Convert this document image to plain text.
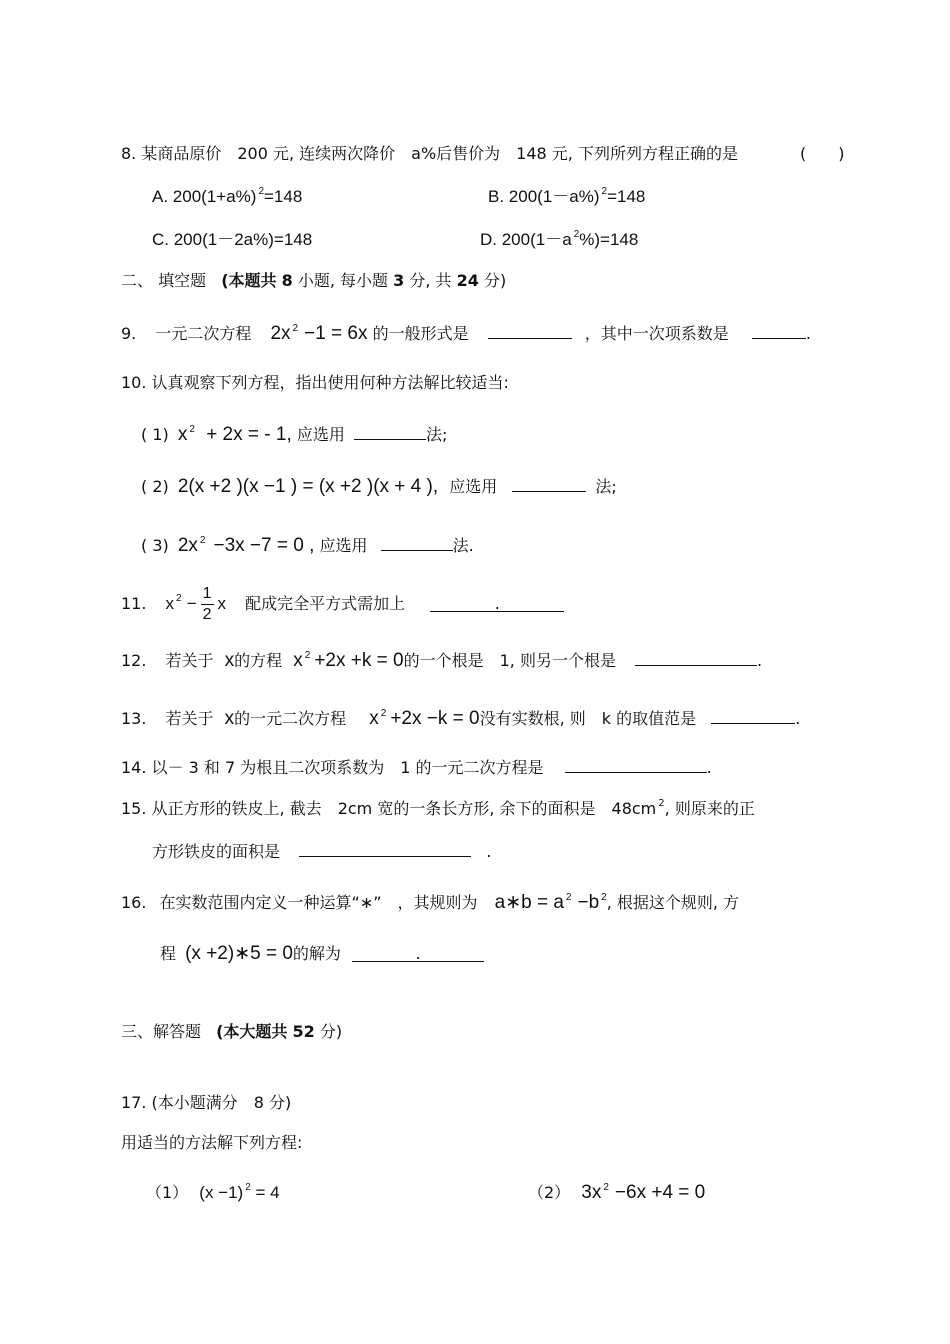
8. 某商品原价　200 元, 连续两次降价　a%后售价为　148 元, 下列所列方程正确的是	(　　)
A. 200(1+a%) $^2$=148	B. 200(1－a%) $^2$=148
C. 200(1－2a%)=148	D. 200(1－a $^2$%)=148
二、 填空题 (本题共 8 小题, 每小题 3 分, 共 24 分)
9. 一元二次方程 2x $^2$ −1 = 6x 的一般形式是	，其中一次项系数是	.
10. 认真观察下列方程，指出使用何种方法解比较适当:
( 1) x $^2$ + 2x = - 1, 应选用	法;
( 2) 2(x +2 )(x −1 ) = (x +2 )(x + 4 ), 应选用	法;
( 3) 2x $^2$ −3x −7 = 0 , 应选用	法.
11. x $^2 - \frac{1}{2}$ x 配成完全平方式需加上	.
12. 若关于 x的方程 x $^2$ +2x +k = 0的一个根是　1, 则另一个根是	.
13. 若关于 x的一元二次方程 x $^2$ +2x −k = 0没有实数根, 则　k 的取值范是	.
14. 以－ 3 和 7 为根且二次项系数为　1 的一元二次方程是	.
15. 从正方形的铁皮上, 截去　2cm 宽的一条长方形, 余下的面积是　48cm $^2$, 则原来的正
方形铁皮的面积是	.
16. 在实数范围内定义一种运算“∗”　，其规则为 a∗b = a $^2$ −b $^2$, 根据这个规则, 方
程 (x +2)∗5 = 0的解为	.
三、解答题 (本大题共 52 分)
17. (本小题满分　8 分)
用适当的方法解下列方程:
（1） (x −1) $^2$ = 4	（2） 3x $^2$ −6x +4 = 0
